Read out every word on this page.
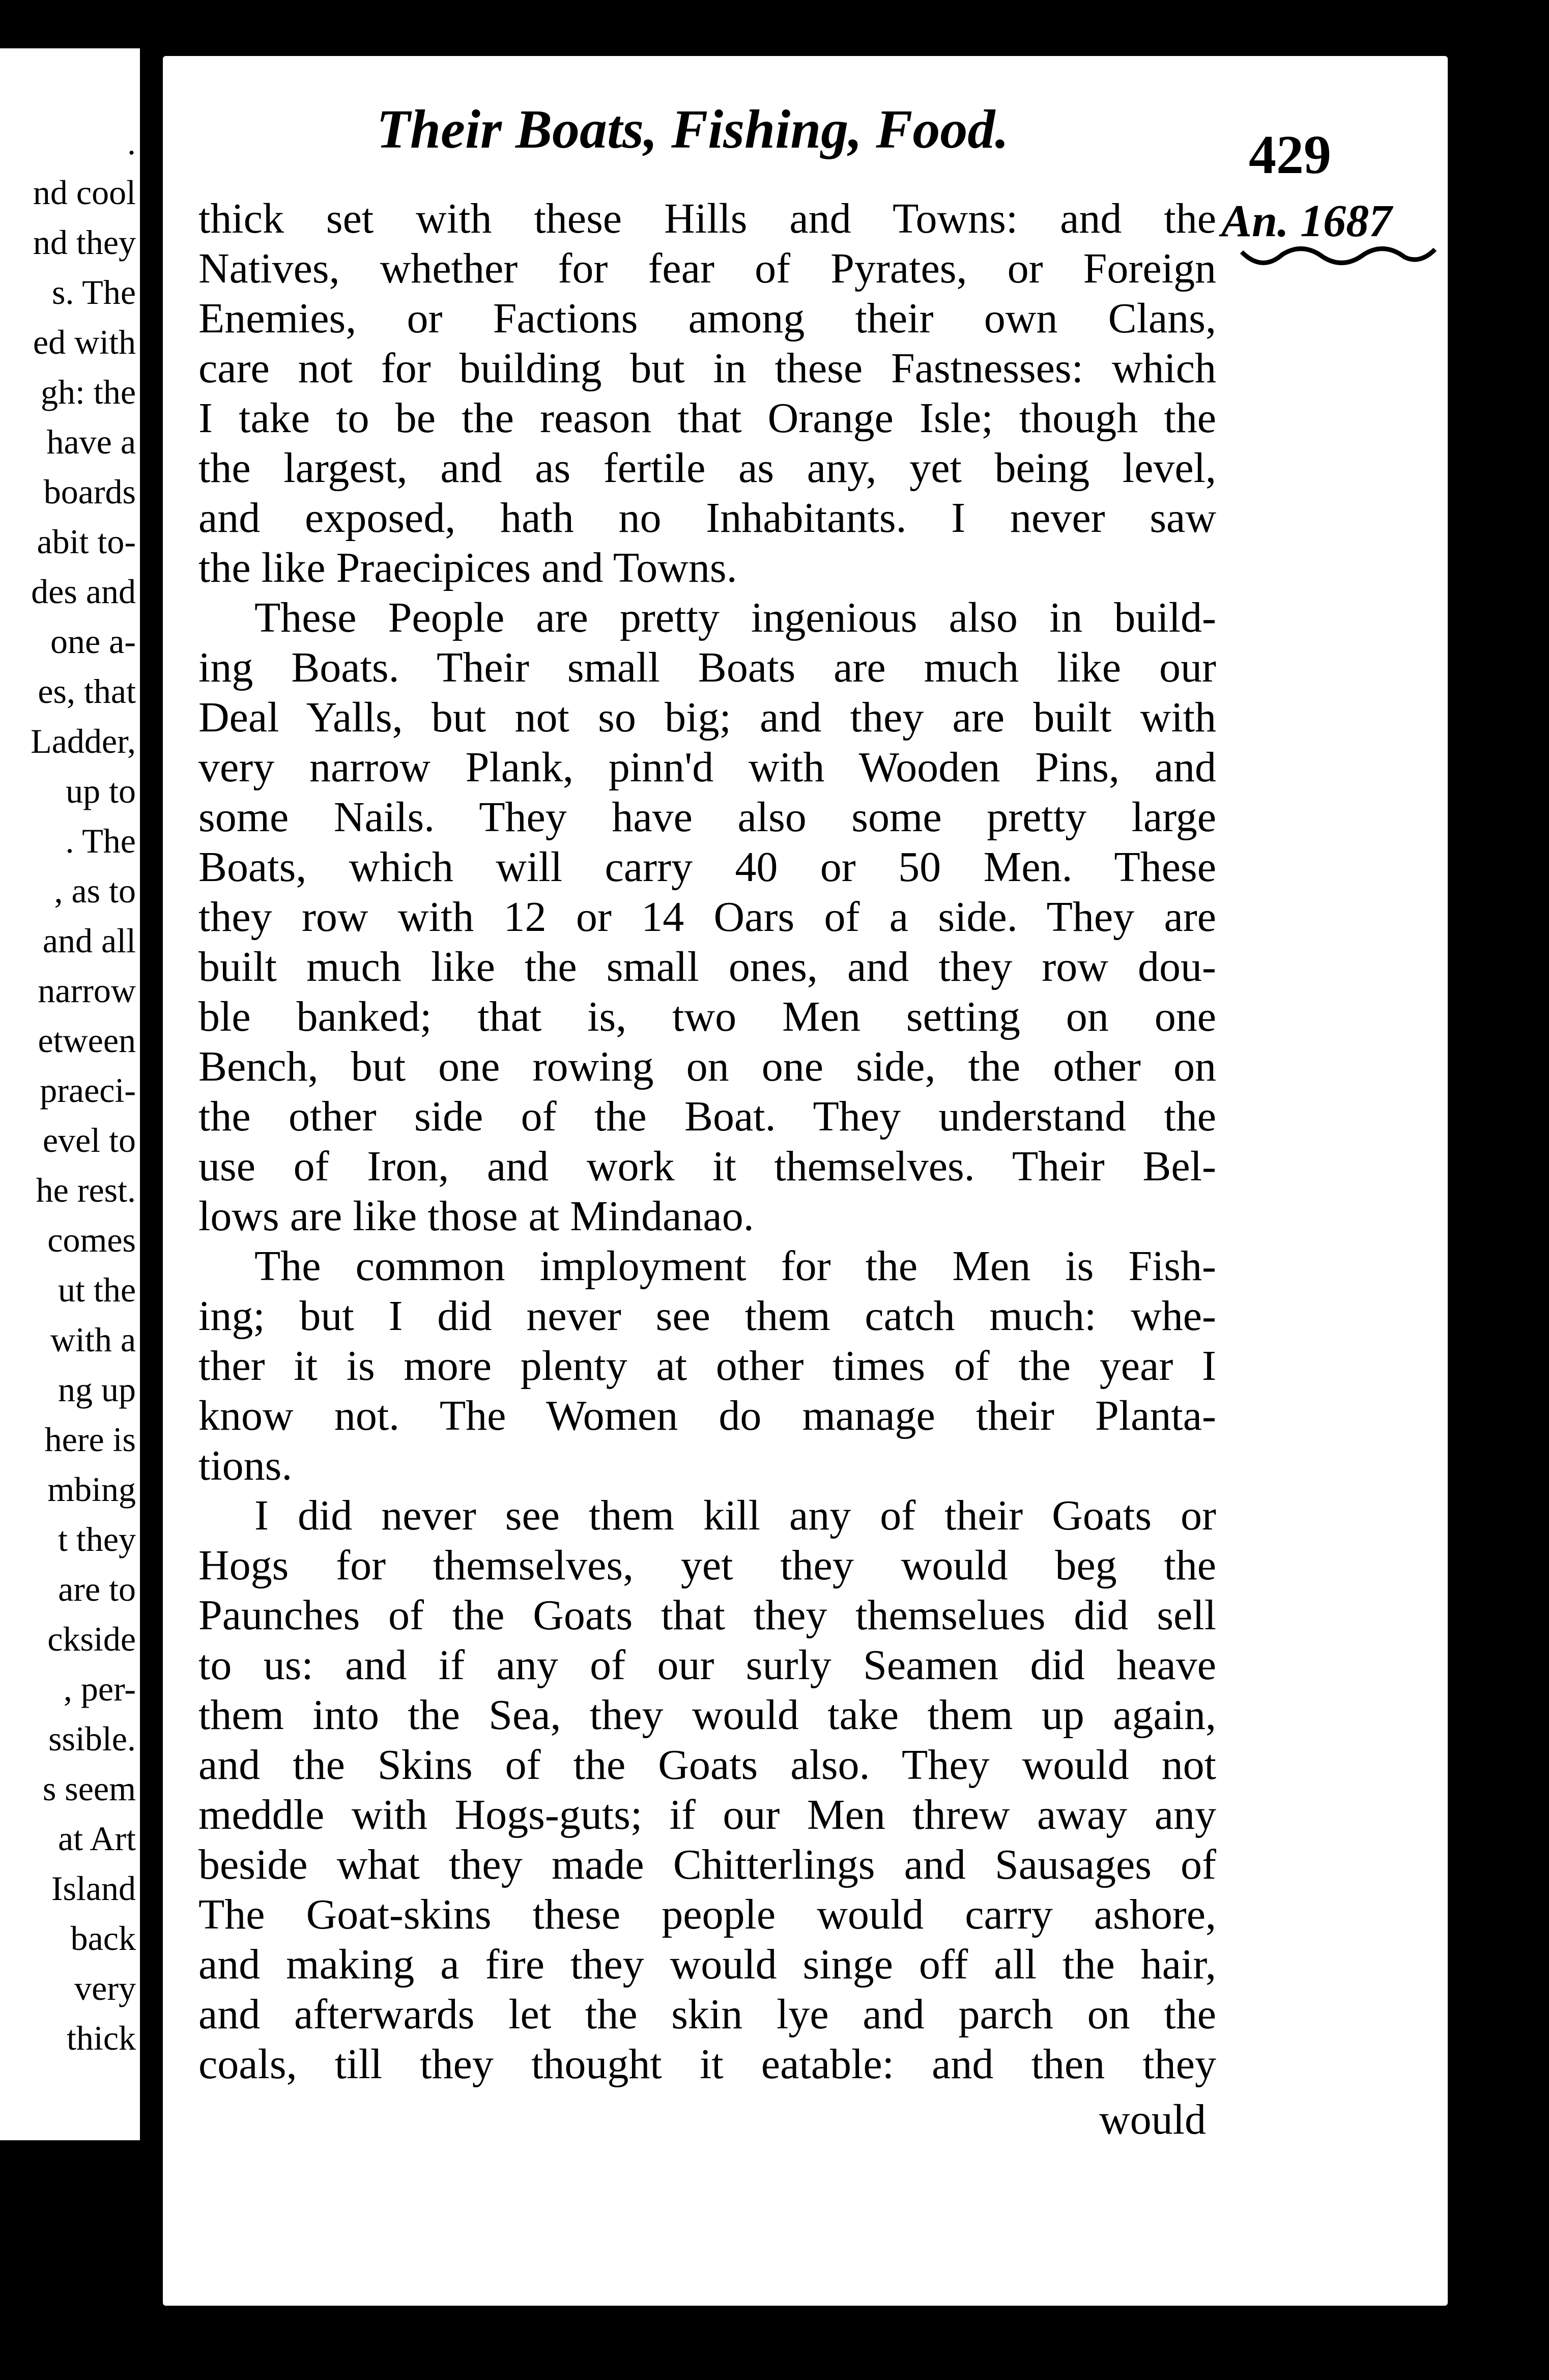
.
nd cool
nd they
s. The
ed with
gh: the
have a
boards
abit to-
des and
one a-
es, that
Ladder,
up to
. The
, as to
and all
narrow
etween
praeci-
evel to
he rest.
comes
ut the
with a
ng up
here is
mbing
t they
are to
ckside
, per-
ssible.
s seem
at Art
Island
back
very
thick
Their Boats, Fishing, Food.	429
An. 1687
thick set with these Hills and Towns: and the
Natives, whether for fear of Pyrates, or Foreign
Enemies, or Factions among their own Clans,
care not for building but in these Fastnesses: which
I take to be the reason that Orange Isle; though the
the largest, and as fertile as any, yet being level,
and exposed, hath no Inhabitants. I never saw
the like Praecipices and Towns.
These People are pretty ingenious also in build-
ing Boats. Their small Boats are much like our
Deal Yalls, but not so big; and they are built with
very narrow Plank, pinn'd with Wooden Pins, and
some Nails. They have also some pretty large
Boats, which will carry 40 or 50 Men. These
they row with 12 or 14 Oars of a side. They are
built much like the small ones, and they row dou-
ble banked; that is, two Men setting on one
Bench, but one rowing on one side, the other on
the other side of the Boat. They understand the
use of Iron, and work it themselves. Their Bel-
lows are like those at Mindanao.
The common imployment for the Men is Fish-
ing; but I did never see them catch much: whe-
ther it is more plenty at other times of the year I
know not. The Women do manage their Planta-
tions.
I did never see them kill any of their Goats or
Hogs for themselves, yet they would beg the
Paunches of the Goats that they themselues did sell
to us: and if any of our surly Seamen did heave
them into the Sea, they would take them up again,
and the Skins of the Goats also. They would not
meddle with Hogs-guts; if our Men threw away any
beside what they made Chitterlings and Sausages of
The Goat-skins these people would carry ashore,
and making a fire they would singe off all the hair,
and afterwards let the skin lye and parch on the
coals, till they thought it eatable: and then they
would
